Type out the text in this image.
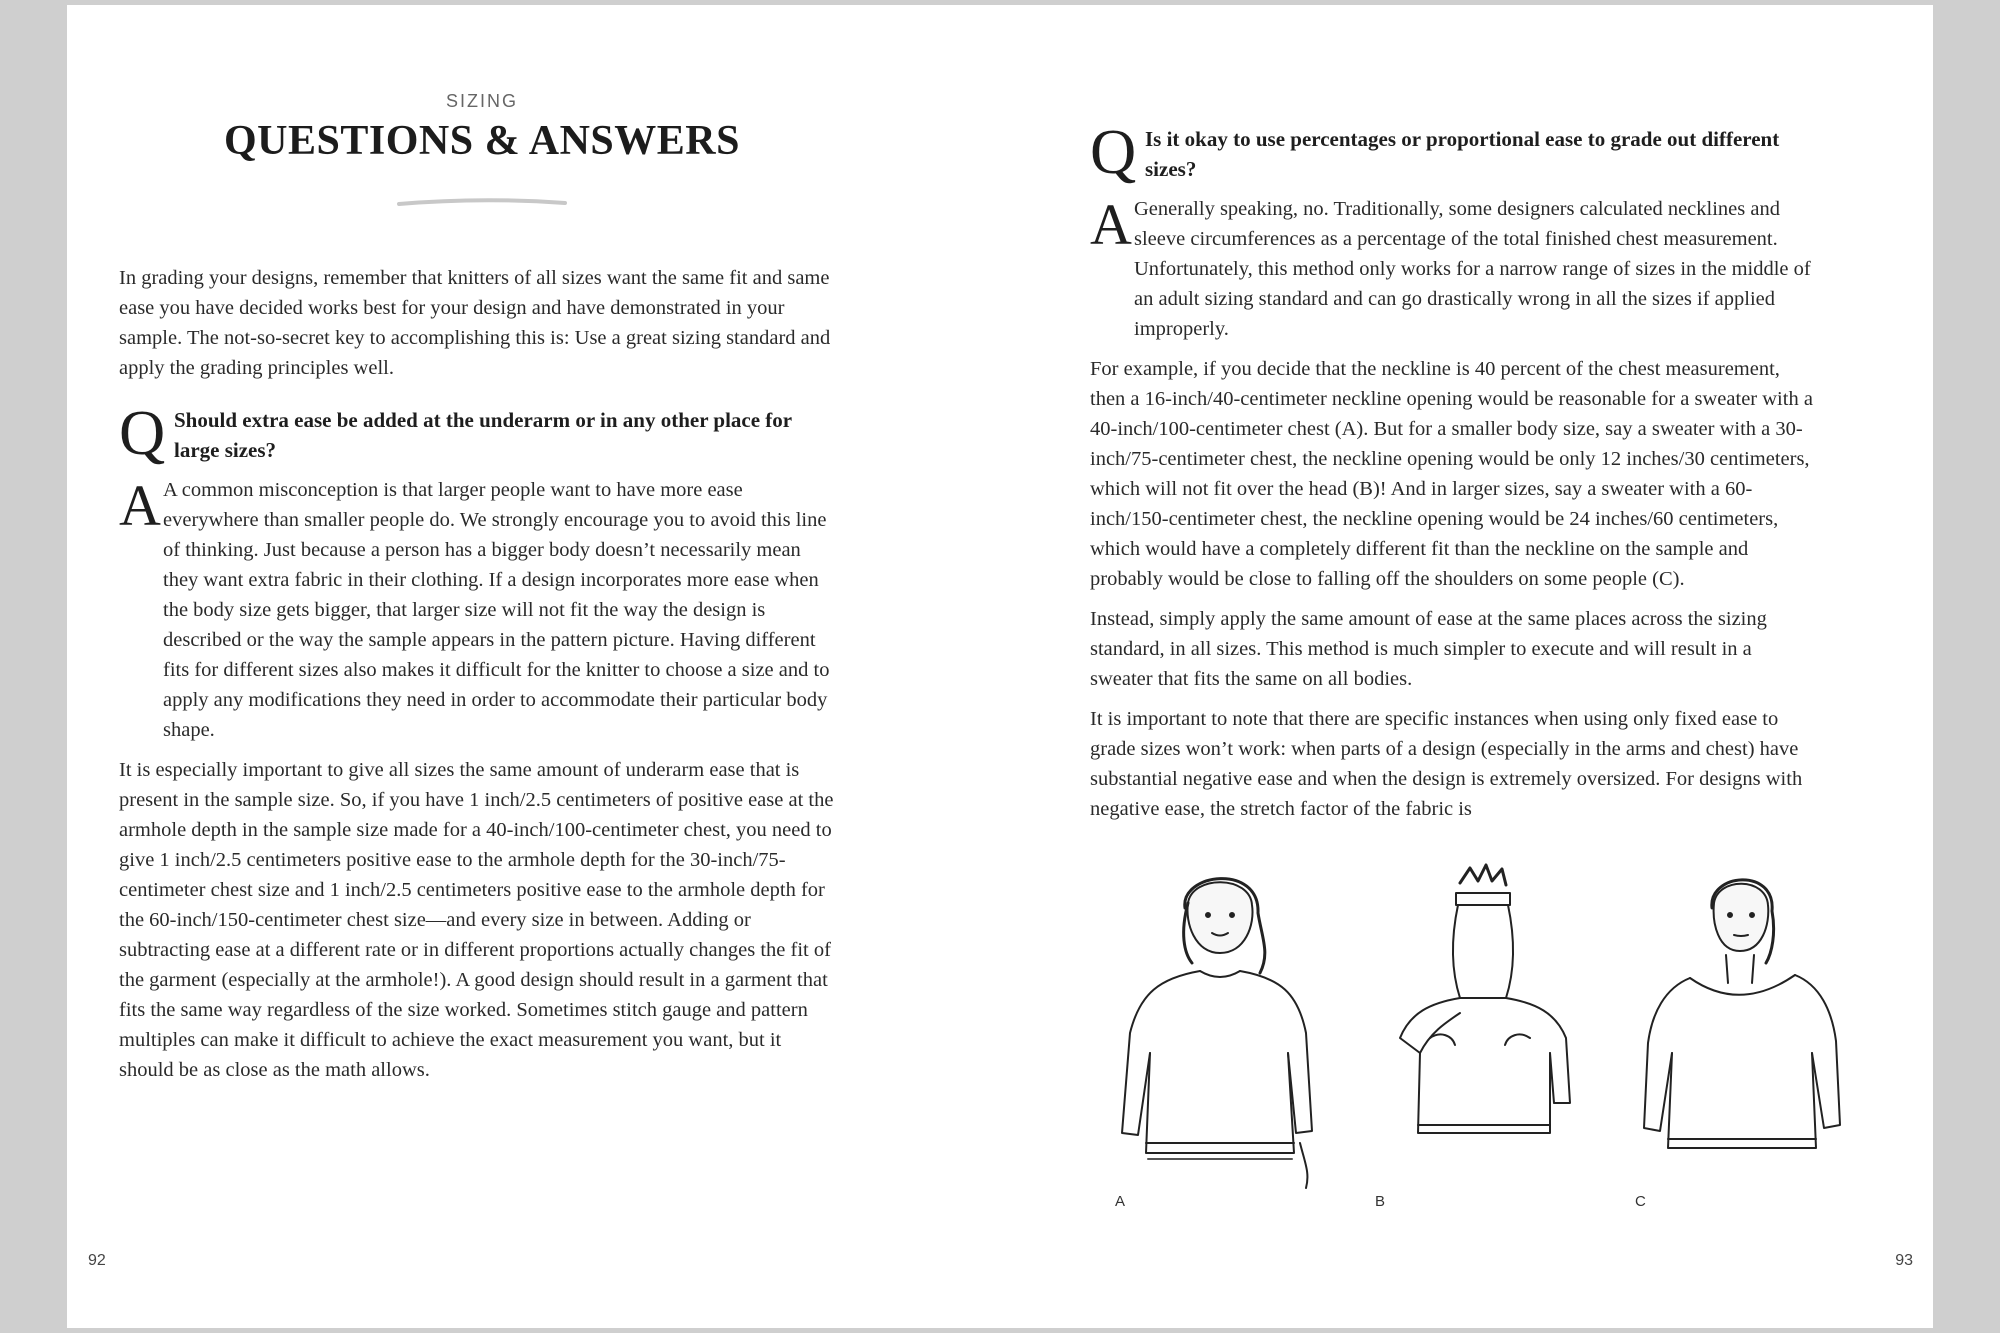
SIZING
QUESTIONS & ANSWERS

In grading your designs, remember that knitters of all sizes want the same fit and same ease you have decided works best for your design and have demonstrated in your sample. The not-so-secret key to accomplishing this is: Use a great sizing standard and apply the grading principles well.

Q Should extra ease be added at the underarm or in any other place for large sizes?

A A common misconception is that larger people want to have more ease everywhere than smaller people do. We strongly encourage you to avoid this line of thinking. Just because a person has a bigger body doesn’t necessarily mean they want extra fabric in their clothing. If a design incorporates more ease when the body size gets bigger, that larger size will not fit the way the design is described or the way the sample appears in the pattern picture. Having different fits for different sizes also makes it difficult for the knitter to choose a size and to apply any modifications they need in order to accommodate their particular body shape.

It is especially important to give all sizes the same amount of underarm ease that is present in the sample size. So, if you have 1 inch/2.5 centimeters of positive ease at the armhole depth in the sample size made for a 40-inch/100-centimeter chest, you need to give 1 inch/2.5 centimeters positive ease to the armhole depth for the 30-inch/75-centimeter chest size and 1 inch/2.5 centimeters positive ease to the armhole depth for the 60-inch/150-centimeter chest size—and every size in between. Adding or subtracting ease at a different rate or in different proportions actually changes the fit of the garment (especially at the armhole!). A good design should result in a garment that fits the same way regardless of the size worked. Sometimes stitch gauge and pattern multiples can make it difficult to achieve the exact measurement you want, but it should be as close as the math allows.

92
Q Is it okay to use percentages or proportional ease to grade out different sizes?

A Generally speaking, no. Traditionally, some designers calculated necklines and sleeve circumferences as a percentage of the total finished chest measurement. Unfortunately, this method only works for a narrow range of sizes in the middle of an adult sizing standard and can go drastically wrong in all the sizes if applied improperly.

For example, if you decide that the neckline is 40 percent of the chest measurement, then a 16-inch/40-centimeter neckline opening would be reasonable for a sweater with a 40-inch/100-centimeter chest (A). But for a smaller body size, say a sweater with a 30-inch/75-centimeter chest, the neckline opening would be only 12 inches/30 centimeters, which will not fit over the head (B)! And in larger sizes, say a sweater with a 60-inch/150-centimeter chest, the neckline opening would be 24 inches/60 centimeters, which would have a completely different fit than the neckline on the sample and probably would be close to falling off the shoulders on some people (C).

Instead, simply apply the same amount of ease at the same places across the sizing standard, in all sizes. This method is much simpler to execute and will result in a sweater that fits the same on all bodies.

It is important to note that there are specific instances when using only fixed ease to grade sizes won’t work: when parts of a design (especially in the arms and chest) have substantial negative ease and when the design is extremely oversized. For designs with negative ease, the stretch factor of the fabric is

A	B	C
93
